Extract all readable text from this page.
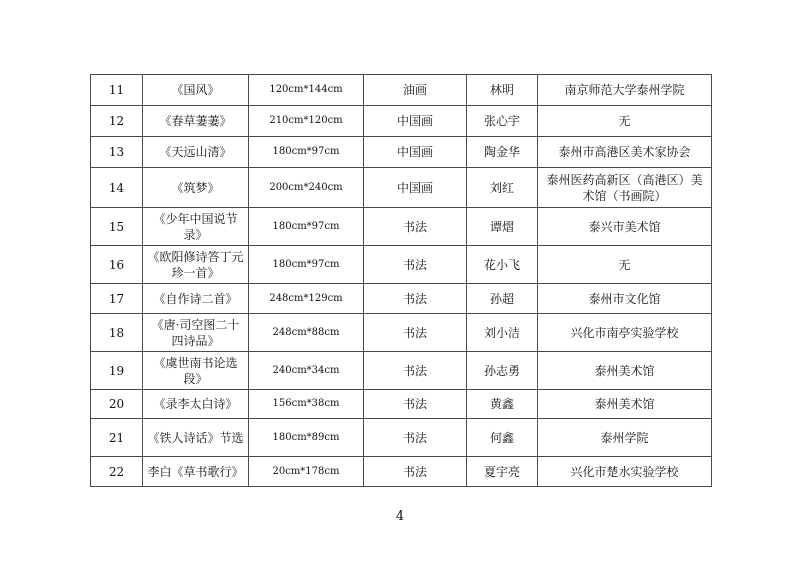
11	《国风》	120cm*144cm	油画	林明	南京师范大学泰州学院
12	《春草萋萋》	210cm*120cm	中国画	张心宇	无
13	《天远山清》	180cm*97cm	中国画	陶金华	泰州市高港区美术家协会
14	《筑梦》	200cm*240cm	中国画	刘红	泰州医药高新区（高港区）美术馆（书画院）
15	《少年中国说节录》	180cm*97cm	书法	谭熠	泰兴市美术馆
16	《欧阳修诗答丁元珍一首》	180cm*97cm	书法	花小飞	无
17	《自作诗二首》	248cm*129cm	书法	孙超	泰州市文化馆
18	《唐·司空图二十四诗品》	248cm*88cm	书法	刘小洁	兴化市南亭实验学校
19	《虞世南书论选段》	240cm*34cm	书法	孙志勇	泰州美术馆
20	《录李太白诗》	156cm*38cm	书法	黄鑫	泰州美术馆
21	《铁人诗话》节选	180cm*89cm	书法	何鑫	泰州学院
22	李白《草书歌行》	20cm*178cm	书法	夏宇亮	兴化市楚水实验学校
4
